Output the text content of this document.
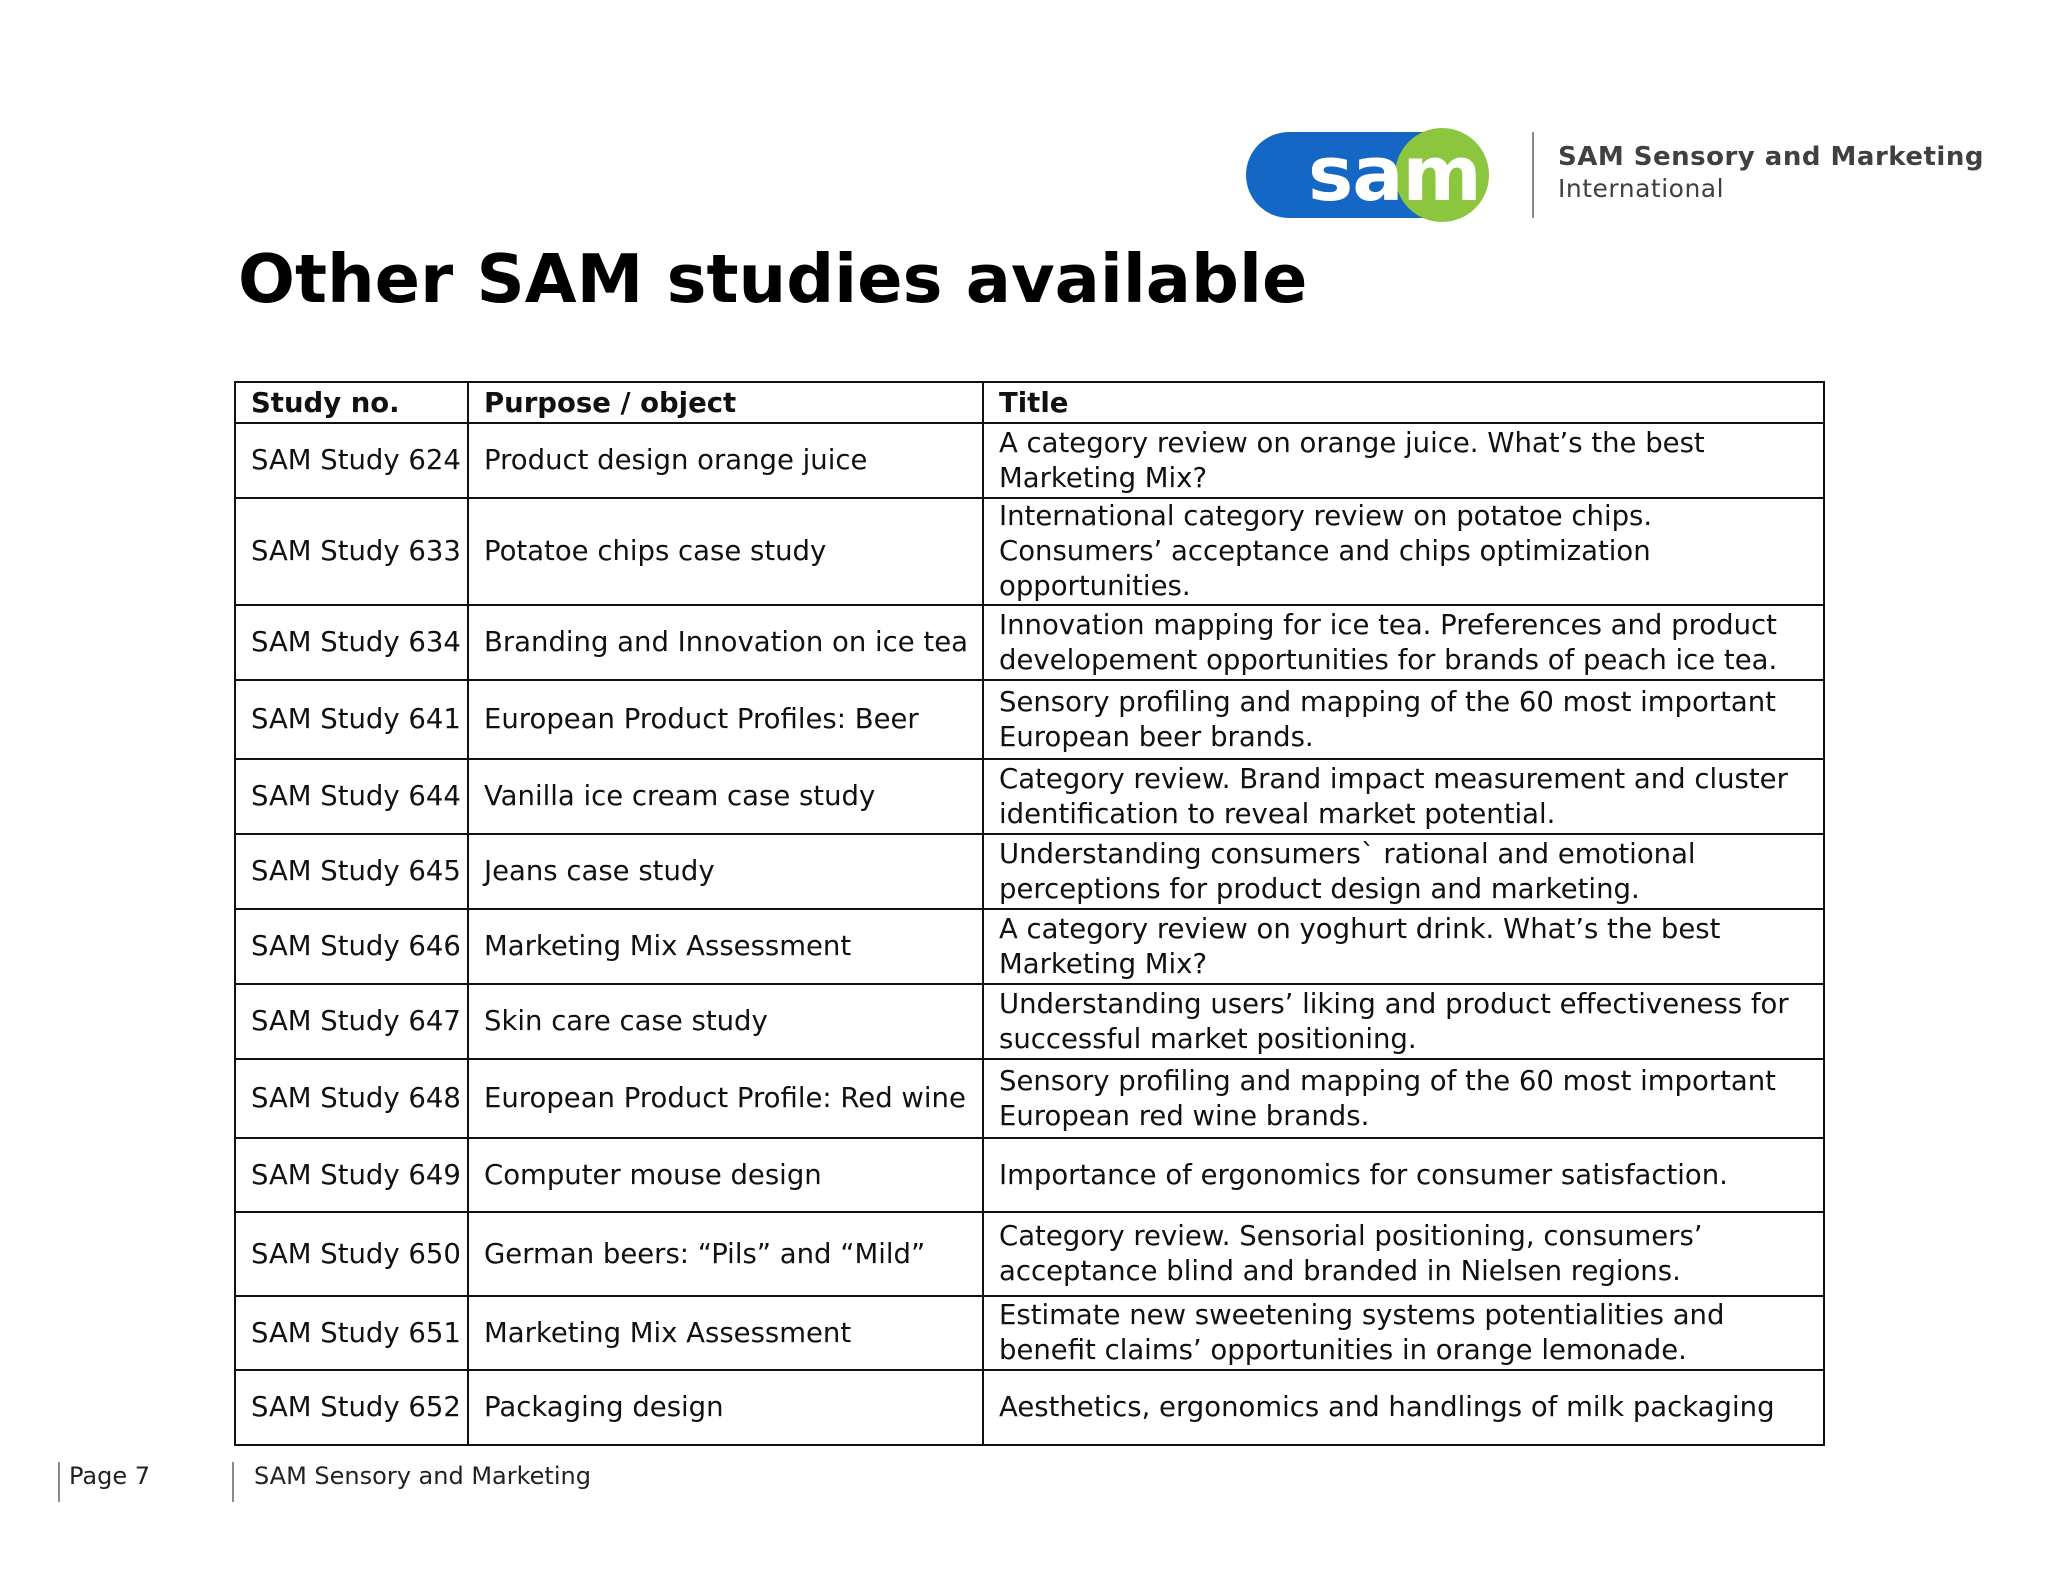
sam	SAM Sensory and Marketing
International
Other SAM studies available
Study no.	Purpose / object	Title
SAM Study 624	Product design orange juice	A category review on orange juice. What’s the best Marketing Mix?
SAM Study 633	Potatoe chips case study	International category review on potatoe chips. Consumers’ acceptance and chips optimization opportunities.
SAM Study 634	Branding and Innovation on ice tea	Innovation mapping for ice tea. Preferences and product developement opportunities for brands of peach ice tea.
SAM Study 641	European Product Profiles: Beer	Sensory profiling and mapping of the 60 most important European beer brands.
SAM Study 644	Vanilla ice cream case study	Category review. Brand impact measurement and cluster identification to reveal market potential.
SAM Study 645	Jeans case study	Understanding consumers` rational and emotional perceptions for product design and marketing.
SAM Study 646	Marketing Mix Assessment	A category review on yoghurt drink. What’s the best Marketing Mix?
SAM Study 647	Skin care case study	Understanding users’ liking and product effectiveness for successful market positioning.
SAM Study 648	European Product Profile: Red wine	Sensory profiling and mapping of the 60 most important European red wine brands.
SAM Study 649	Computer mouse design	Importance of ergonomics for consumer satisfaction.
SAM Study 650	German beers: “Pils” and “Mild”	Category review. Sensorial positioning, consumers’ acceptance blind and branded in Nielsen regions.
SAM Study 651	Marketing Mix Assessment	Estimate new sweetening systems potentialities and benefit claims’ opportunities in orange lemonade.
SAM Study 652	Packaging design	Aesthetics, ergonomics and handlings of milk packaging
Page 7	SAM Sensory and Marketing
